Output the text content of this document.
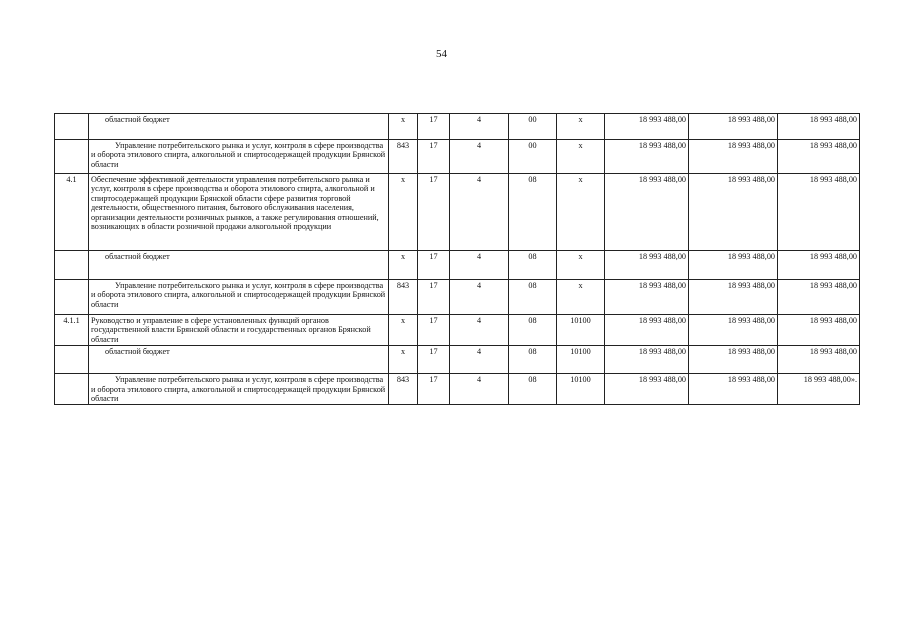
54
	областной бюджет	х	17	4	00	х	18 993 488,00	18 993 488,00	18 993 488,00
	Управление потребительского рынка и услуг, контроля в сфере производства и оборота этилового спирта, алкогольной и спиртосодержащей продукции Брянской области	843	17	4	00	х	18 993 488,00	18 993 488,00	18 993 488,00
4.1	Обеспечение эффективной деятельности управления потребительского рынка и услуг, контроля в сфере производства и оборота этилового спирта, алкогольной и спиртосодержащей продукции Брянской области сфере развития торговой деятельности, общественного питания, бытового обслуживания населения, организации деятельности розничных рынков, а также регулирования отношений, возникающих в области розничной продажи алкогольной продукции	х	17	4	08	х	18 993 488,00	18 993 488,00	18 993 488,00
	областной бюджет	х	17	4	08	х	18 993 488,00	18 993 488,00	18 993 488,00
	Управление потребительского рынка и услуг, контроля в сфере производства и оборота этилового спирта, алкогольной и спиртосодержащей продукции Брянской области	843	17	4	08	х	18 993 488,00	18 993 488,00	18 993 488,00
4.1.1	Руководство и управление в сфере установленных функций органов государственной власти Брянской области и государственных органов Брянской области	х	17	4	08	10100	18 993 488,00	18 993 488,00	18 993 488,00
	областной бюджет	х	17	4	08	10100	18 993 488,00	18 993 488,00	18 993 488,00
	Управление потребительского рынка и услуг, контроля в сфере производства и оборота этилового спирта, алкогольной и спиртосодержащей продукции Брянской области	843	17	4	08	10100	18 993 488,00	18 993 488,00	18 993 488,00».
